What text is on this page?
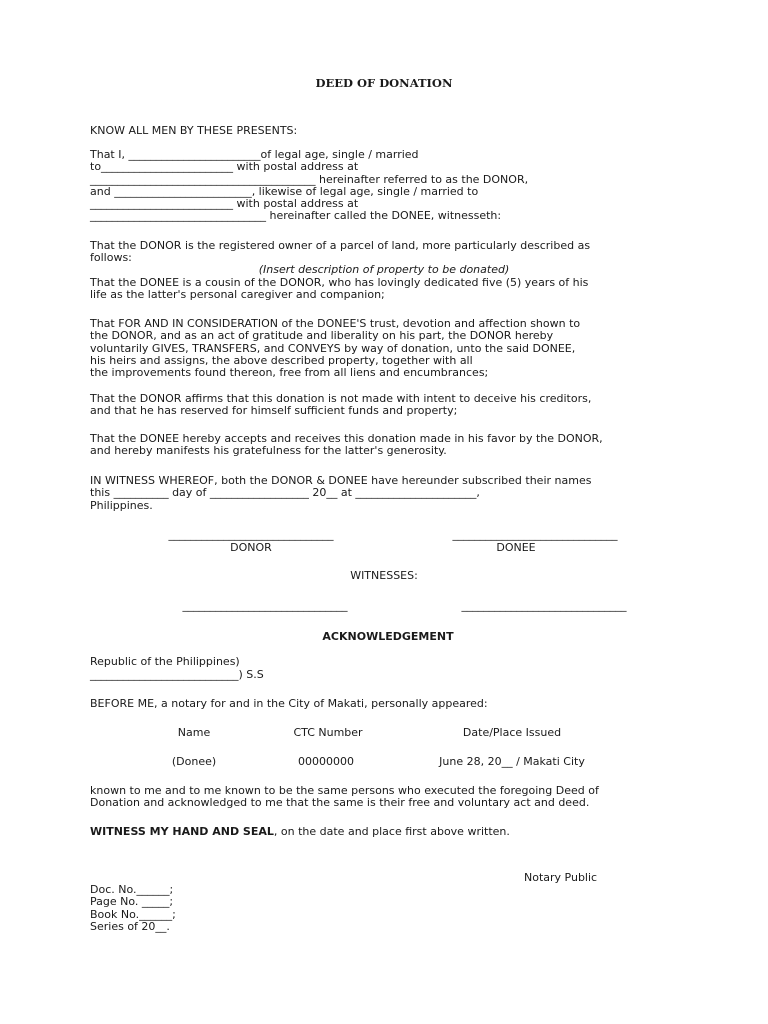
DEED OF DONATION
KNOW ALL MEN BY THESE PRESENTS:
That I, ________________________of legal age, single / married
to________________________ with postal address at
_________________________________________ hereinafter referred to as the DONOR,
and _________________________, likewise of legal age, single / married to
__________________________ with postal address at
________________________________ hereinafter called the DONEE, witnesseth:
That the DONOR is the registered owner of a parcel of land, more particularly described as
follows:
(Insert description of property to be donated)
That the DONEE is a cousin of the DONOR, who has lovingly dedicated five (5) years of his
life as the latter's personal caregiver and companion;
That FOR AND IN CONSIDERATION of the DONEE'S trust, devotion and affection shown to
the DONOR, and as an act of gratitude and liberality on his part, the DONOR hereby
voluntarily GIVES, TRANSFERS, and CONVEYS by way of donation, unto the said DONEE,
his heirs and assigns, the above described property, together with all
the improvements found thereon, free from all liens and encumbrances;
That the DONOR affirms that this donation is not made with intent to deceive his creditors,
and that he has reserved for himself sufficient funds and property;
That the DONEE hereby accepts and receives this donation made in his favor by the DONOR,
and hereby manifests his gratefulness for the latter's generosity.
IN WITNESS WHEREOF, both the DONOR & DONEE have hereunder subscribed their names
this __________ day of __________________ 20__ at ______________________,
Philippines.
______________________________
DONOR
______________________________
DONEE
WITNESSES:
______________________________	______________________________
ACKNOWLEDGEMENT
Republic of the Philippines)
___________________________) S.S
BEFORE ME, a notary for and in the City of Makati, personally appeared:
Name	CTC Number	Date/Place Issued
(Donee)	00000000	June 28, 20__ / Makati City
known to me and to me known to be the same persons who executed the foregoing Deed of
Donation and acknowledged to me that the same is their free and voluntary act and deed.
WITNESS MY HAND AND SEAL, on the date and place first above written.
Notary Public
Doc. No.______;
Page No. _____;
Book No.______;
Series of 20__.
